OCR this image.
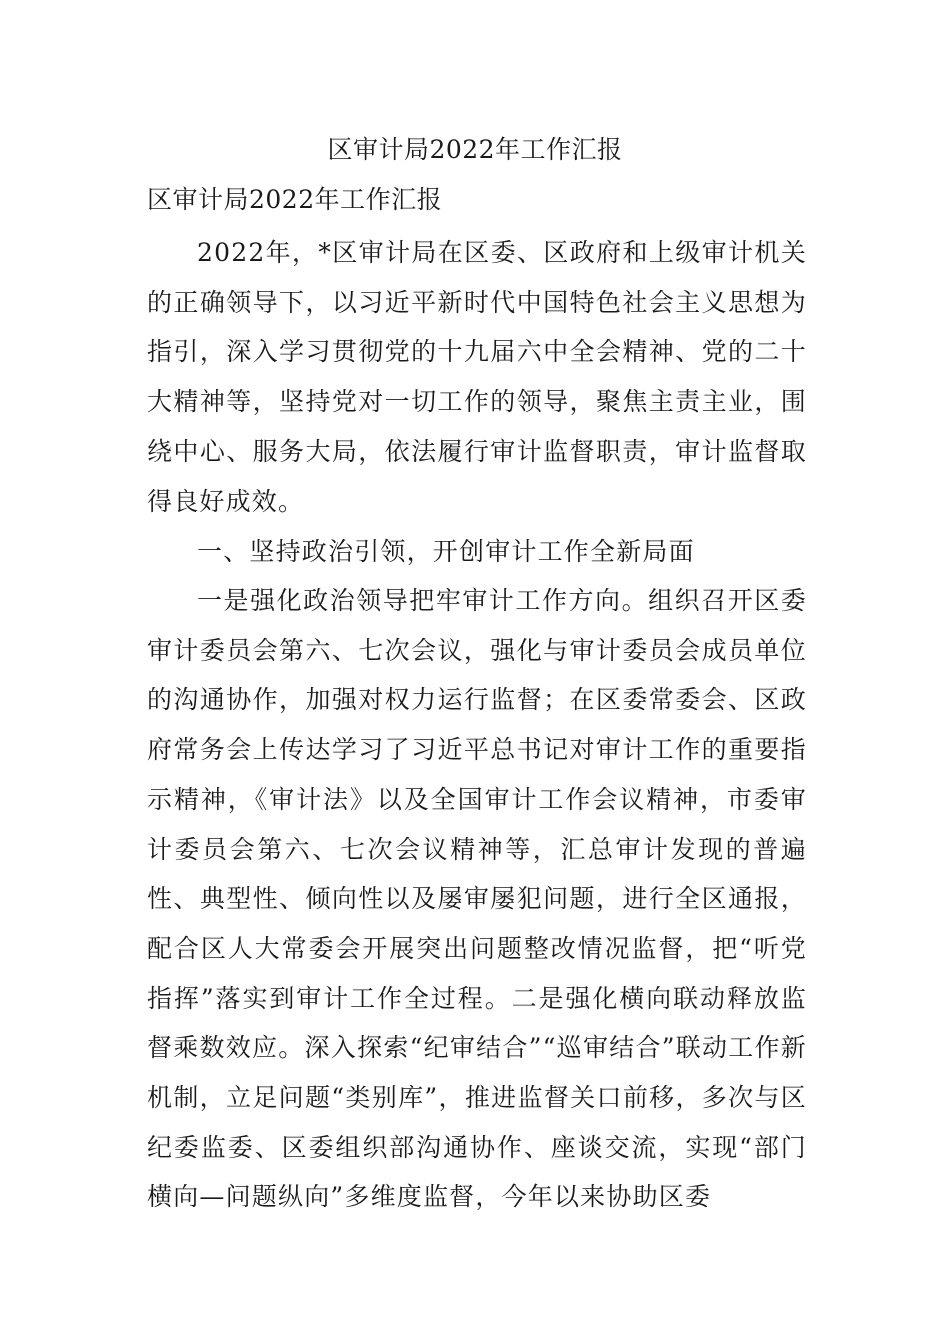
区审计局2022年工作汇报
区审计局2022年工作汇报

2022年，*区审计局在区委、区政府和上级审计机关的正确领导下，以习近平新时代中国特色社会主义思想为指引，深入学习贯彻党的十九届六中全会精神、党的二十大精神等，坚持党对一切工作的领导，聚焦主责主业，围绕中心、服务大局，依法履行审计监督职责，审计监督取得良好成效。

一、坚持政治引领，开创审计工作全新局面

一是强化政治领导把牢审计工作方向。组织召开区委审计委员会第六、七次会议，强化与审计委员会成员单位的沟通协作，加强对权力运行监督；在区委常委会、区政府常务会上传达学习了习近平总书记对审计工作的重要指示精神，《审计法》以及全国审计工作会议精神，市委审计委员会第六、七次会议精神等，汇总审计发现的普遍性、典型性、倾向性以及屡审屡犯问题，进行全区通报，配合区人大常委会开展突出问题整改情况监督，把“听党指挥”落实到审计工作全过程。二是强化横向联动释放监督乘数效应。深入探索“纪审结合”“巡审结合”联动工作新机制，立足问题“类别库”，推进监督关口前移，多次与区纪委监委、区委组织部沟通协作、座谈交流，实现“部门横向—问题纵向”多维度监督，今年以来协助区委
